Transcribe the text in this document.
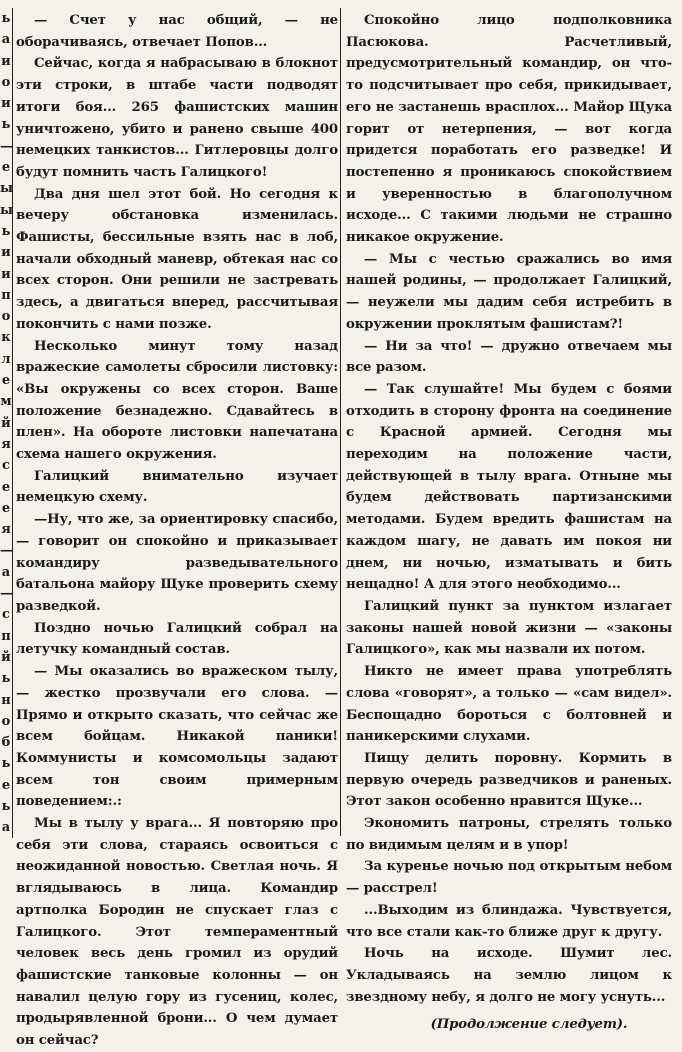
ь
а
и
о
и
ь
—
е
ы
ы
ь
и
и
п
о
к
л
е
м
й
я
с
е
е
я
—
а
—
с
п
й
ь
н
о
б
ь
е
ь
а

— Счет у нас общий, — не оборачиваясь, отвечает Попов...

Сейчас, когда я набрасываю в блокнот эти строки, в штабе части подводят итоги боя... 265 фашистских машин уничтожено, убито и ранено свыше 400 немецких танкистов... Гитлеровцы долго будут помнить часть Галицкого!

Два дня шел этот бой. Но сегодня к вечеру обстановка изменилась. Фашисты, бессильные взять нас в лоб, начали обходный маневр, обтекая нас со всех сторон. Они решили не застревать здесь, а двигаться вперед, рассчитывая покончить с нами позже.

Несколько минут тому назад вражеские самолеты сбросили листовку: «Вы окружены со всех сторон. Ваше положение безнадежно. Сдавайтесь в плен». На обороте листовки напечатана схема нашего окружения.

Галицкий внимательно изучает немецкую схему.

—Ну, что же, за ориентировку спасибо, — говорит он спокойно и приказывает командиру разведывательного батальона майору Щуке проверить схему разведкой.

Поздно ночью Галицкий собрал на летучку командный состав.

— Мы оказались во вражеском тылу, — жестко прозвучали его слова. — Прямо и открыто сказать, что сейчас же всем бойцам. Никакой паники! Коммунисты и комсомольцы задают всем тон своим примерным поведением:.:

Мы в тылу у врага... Я повторяю про себя эти слова, стараясь освоиться с неожиданной новостью. Светлая ночь. Я вглядываюсь в лица. Командир артполка Бородин не спускает глаз с Галицкого. Этот темпераментный человек весь день громил из орудий фашистские танковые колонны — он навалил целую гору из гусениц, колес, продырявленной брони... О чем думает он сейчас?

Спокойно лицо подполковника Пасюкова. Расчетливый, предусмотрительный командир, он что-то подсчитывает про себя, прикидывает, его не застанешь врасплох... Майор Щука горит от нетерпения, — вот когда придется поработать его разведке! И постепенно я проникаюсь спокойствием и уверенностью в благополучном исходе... С такими людьми не страшно никакое окружение.

— Мы с честью сражались во имя нашей родины, — продолжает Галицкий, — неужели мы дадим себя истребить в окружении проклятым фашистам?!

— Ни за что! — дружно отвечаем мы все разом.

— Так слушайте! Мы будем с боями отходить в сторону фронта на соединение с Красной армией. Сегодня мы переходим на положение части, действующей в тылу врага. Отныне мы будем действовать партизанскими методами. Будем вредить фашистам на каждом шагу, не давать им покоя ни днем, ни ночью, изматывать и бить нещадно! А для этого необходимо...

Галицкий пункт за пунктом излагает законы нашей новой жизни — «законы Галицкого», как мы назвали их потом.

Никто не имеет права употреблять слова «говорят», а только — «сам видел». Беспощадно бороться с болтовней и паникерскими слухами.

Пищу делить поровну. Кормить в первую очередь разведчиков и раненых. Этот закон особенно нравится Щуке...

Экономить патроны, стрелять только по видимым целям и в упор!

За куренье ночью под открытым небом— расстрел!

...Выходим из блиндажа. Чувствуется, что все стали как-то ближе друг к другу.

Ночь на исходе. Шумит лес. Укладываясь на землю лицом к звездному небу, я долго не могу уснуть...

(Продолжение следует).
